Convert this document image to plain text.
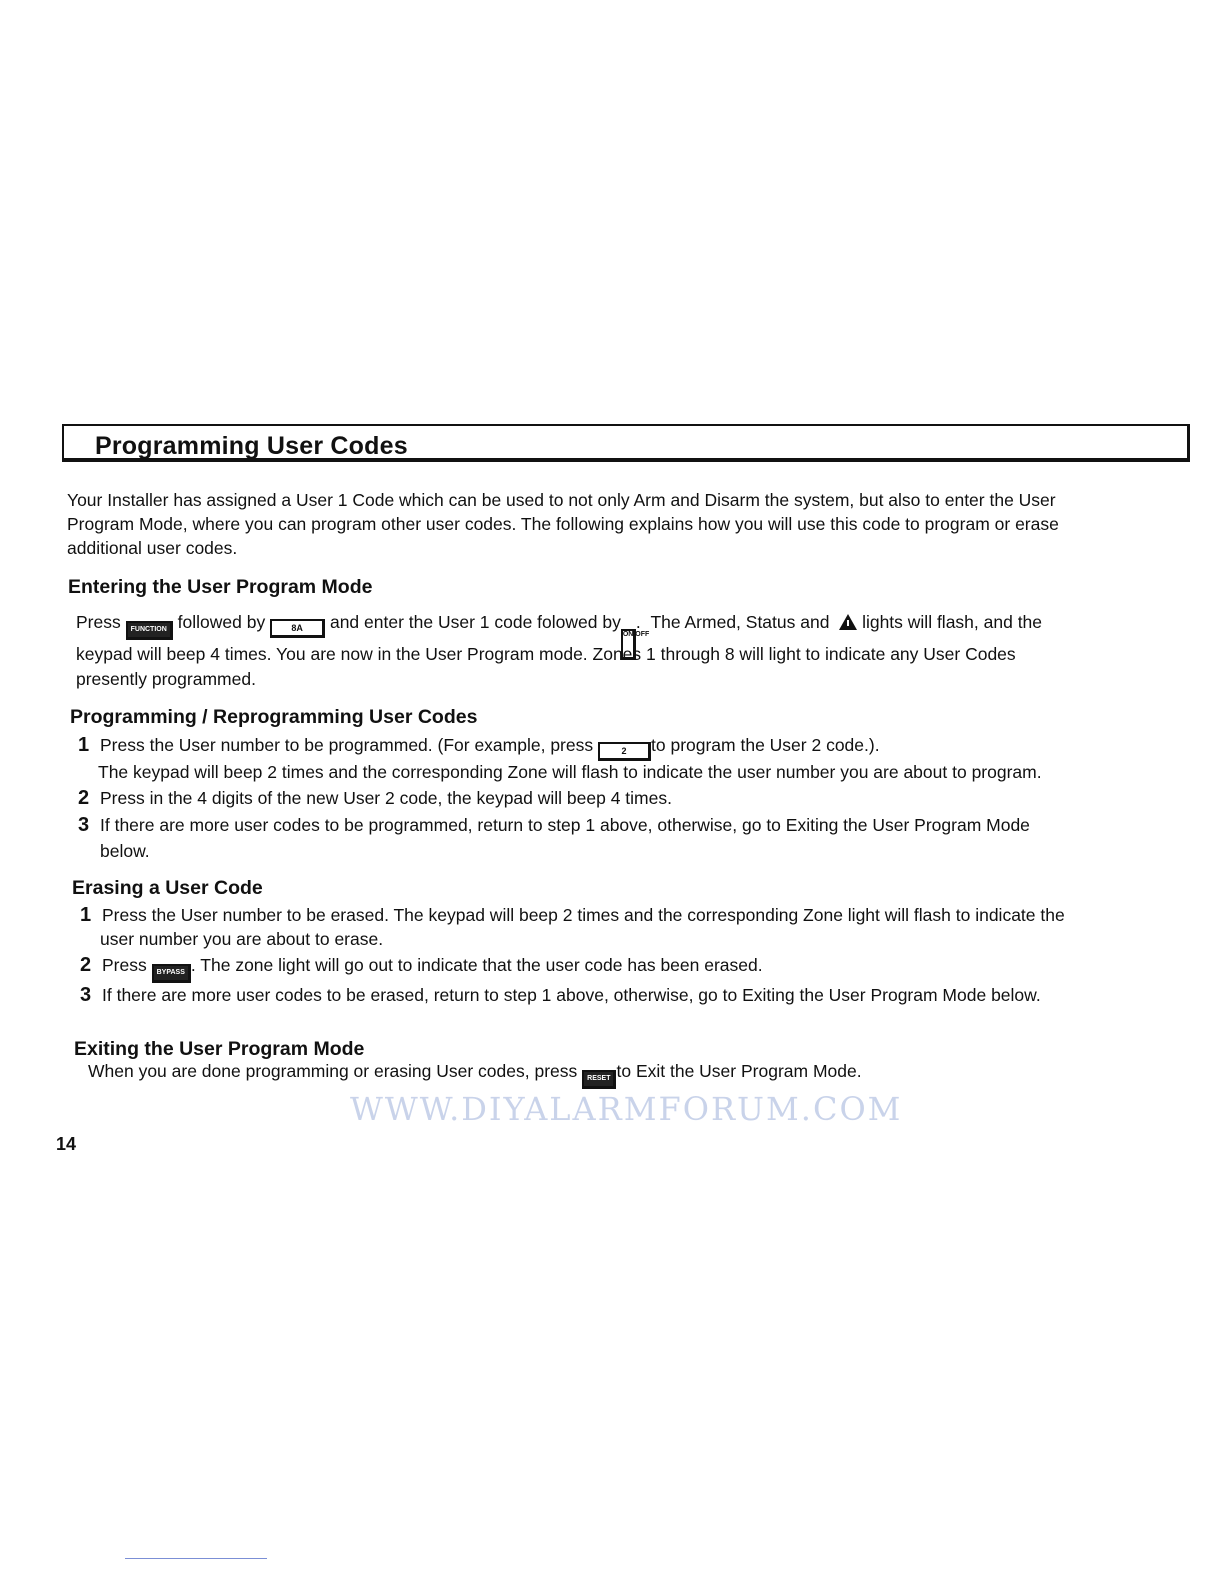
Programming User Codes
Your Installer has assigned a User 1 Code which can be used to not only Arm and Disarm the system, but also to enter the User
Program Mode, where you can program other user codes. The following explains how you will use this code to program or erase
additional user codes.
Entering the User Program Mode
Press FUNCTION followed by	8A and enter the User 1 code folowed byON OFF.  The Armed, Status and lights will flash, and the
keypad will beep 4 times. You are now in the User Program mode. Zones 1 through 8 will light to indicate any User Codes
presently programmed.
Programming / Reprogramming User Codes
1 Press the User number to be programmed. (For example, press	2 to program the User 2 code.).
The keypad will beep 2 times and the corresponding Zone will flash to indicate the user number you are about to program.
2 Press in the 4 digits of the new User 2 code, the keypad will beep 4 times.
3 If there are more user codes to be programmed, return to step 1 above, otherwise, go to Exiting the User Program Mode
below.
Erasing a User Code
1 Press the User number to be erased. The keypad will beep 2 times and the corresponding Zone light will flash to indicate the
user number you are about to erase.
2 Press BYPASS . The zone light will go out to indicate that the user code has been erased.
3 If there are more user codes to be erased, return to step 1 above, otherwise, go to Exiting the User Program Mode below.
Exiting the User Program Mode
When you are done programming or erasing User codes, press RESET to Exit the User Program Mode.
WWW.DIYALARMFORUM.COM
14
